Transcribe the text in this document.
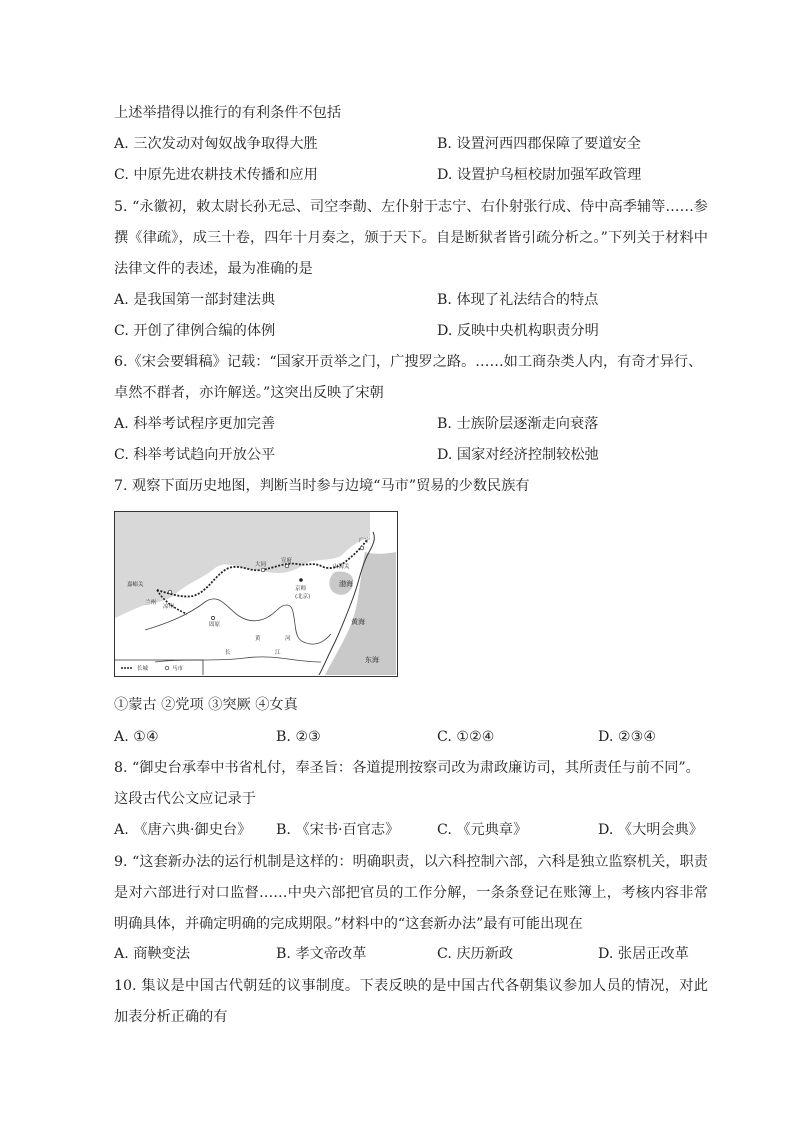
上述举措得以推行的有利条件不包括
A. 三次发动对匈奴战争取得大胜	B. 设置河西四郡保障了要道安全
C. 中原先进农耕技术传播和应用	D. 设置护乌桓校尉加强军政管理
5. “永徽初，敕太尉长孙无忌、司空李勣、左仆射于志宁、右仆射张行成、侍中高季辅等……参撰《律疏》，成三十卷，四年十月奏之，颁于天下。自是断狱者皆引疏分析之。”下列关于材料中法律文件的表述，最为准确的是
A. 是我国第一部封建法典	B. 体现了礼法结合的特点
C. 开创了律例合编的体例	D. 反映中央机构职责分明
6.《宋会要辑稿》记载：“国家开贡举之门，广搜罗之路。……如工商杂类人内，有奇才异行、
卓然不群者，亦许解送。”这突出反映了宋朝
A. 科举考试程序更加完善	B. 士族阶层逐渐走向衰落
C. 科举考试趋向开放公平	D. 国家对经济控制较松弛
7. 观察下面历史地图，判断当时参与边境“马市”贸易的少数民族有
嘉峪关
凉州
兰州
固原
大同
宣府
京师
(北京)
广宁
山海关
渤海
黄海
东海
黄	河
长	江
长城	马市
①蒙古 ②党项 ③突厥 ④女真
A. ①④	B. ②③	C. ①②④	D. ②③④
8. “御史台承奉中书省札付，奉圣旨：各道提刑按察司改为肃政廉访司，其所责任与前不同”。
这段古代公文应记录于
A. 《唐六典·御史台》 B. 《宋书·百官志》	C. 《元典章》	D. 《大明会典》
9. “这套新办法的运行机制是这样的：明确职责，以六科控制六部，六科是独立监察机关，职责是对六部进行对口监督……中央六部把官员的工作分解，一条条登记在账簿上，考核内容非常明确具体，并确定明确的完成期限。”材料中的“这套新办法”最有可能出现在
A. 商鞅变法	B. 孝文帝改革	C. 庆历新政	D. 张居正改革
10. 集议是中国古代朝廷的议事制度。下表反映的是中国古代各朝集议参加人员的情况，对此加表分析正确的有
